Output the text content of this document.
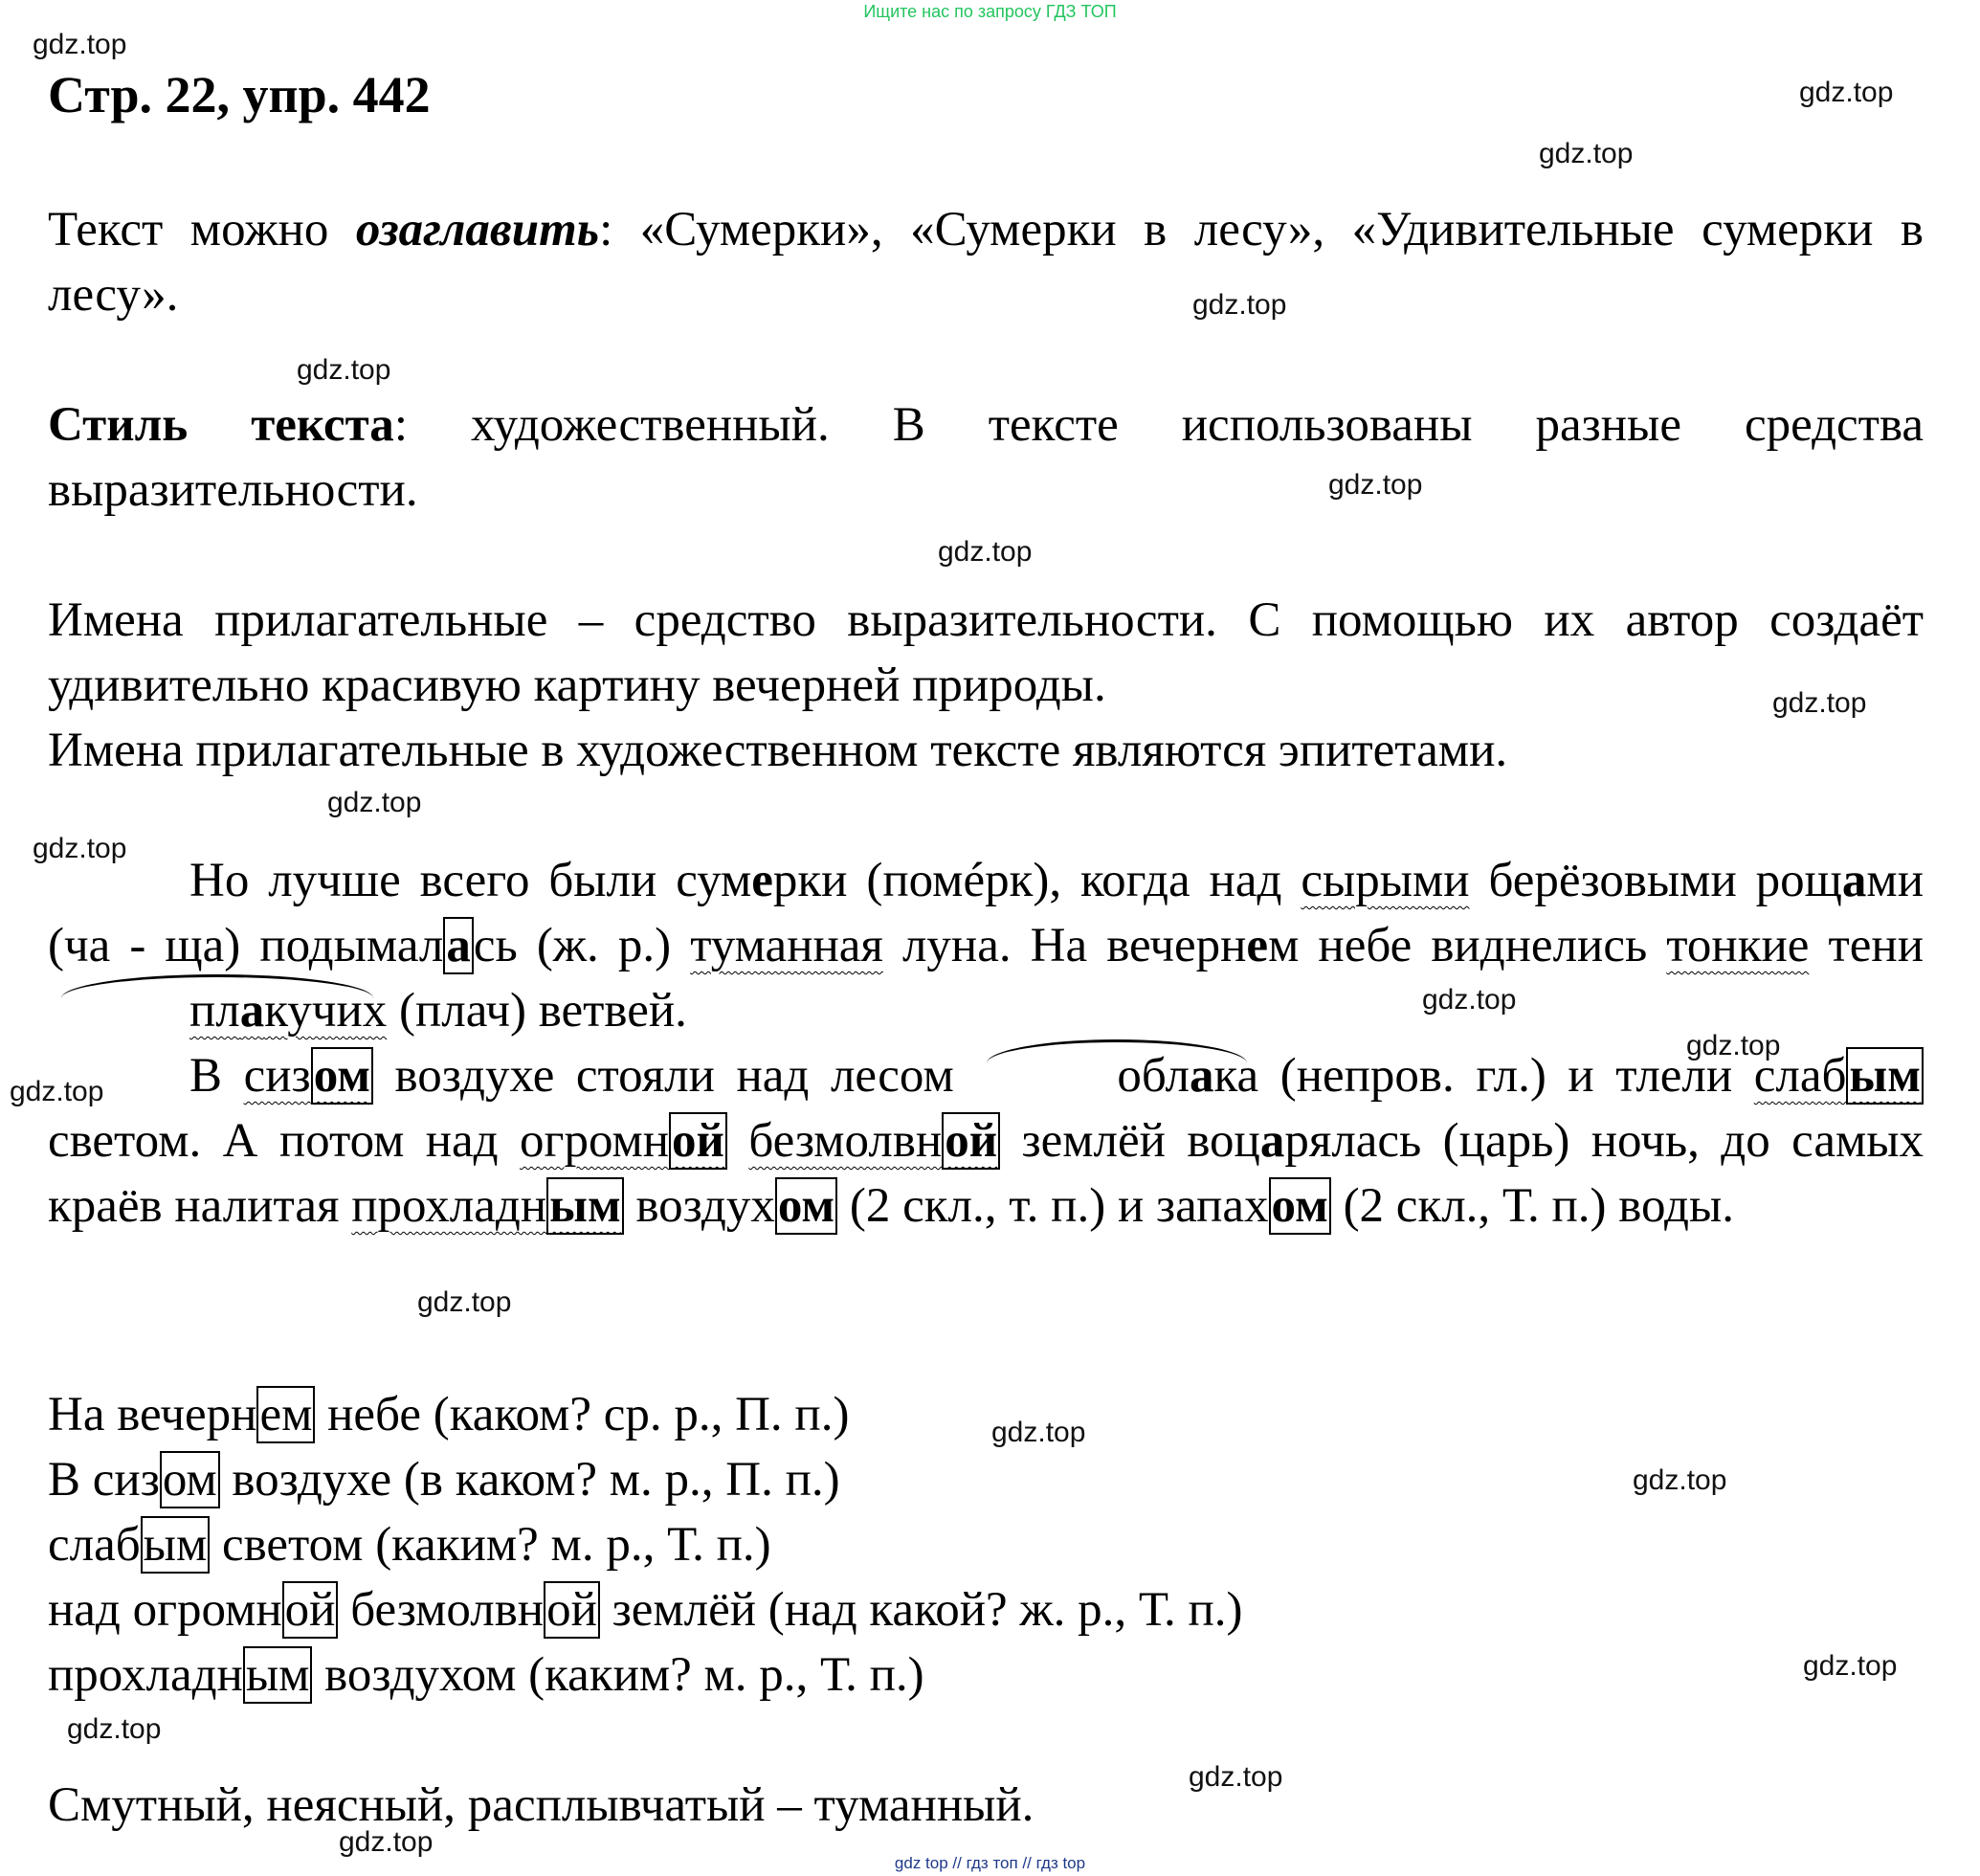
Ищите нас по запросу ГДЗ ТОП
gdz.top
gdz.top
gdz.top
gdz.top
gdz.top
gdz.top
gdz.top
gdz.top
gdz.top
gdz.top
gdz.top
gdz.top
gdz.top
gdz.top
gdz.top
gdz.top
gdz.top
gdz.top
gdz.top
gdz.top
Стр. 22, упр. 442
Текст можно озаглавить: «Сумерки», «Сумерки в лесу», «Удивительные сумерки в лесу».
Стиль текста: художественный. В тексте использованы разные средства выразительности.
Имена прилагательные – средство выразительности. С помощью их автор создаёт удивительно красивую картину вечерней природы.
Имена прилагательные в художественном тексте являются эпитетами.
Но лучше всего были сумерки (помéрк), когда над сырыми берёзовыми рощами (ча - ща) подымалась (ж. р.) туманная луна. На вечернем небе виднелись тонкие тени плакучих (плач) ветвей.
В сизом воздухе стояли над лесом	облака (непров. гл.) и тлели слабым светом. А потом над огромной безмолвной землёй воцарялась (царь) ночь, до самых краёв налитая прохладным воздухом (2 скл., т. п.) и запахом (2 скл., Т. п.) воды.
На вечернем небе (каком? ср. р., П. п.)
В сизом воздухе (в каком? м. р., П. п.)
слабым светом (каким? м. р., Т. п.)
над огромной безмолвной землёй (над какой? ж. р., Т. п.)
прохладным воздухом (каким? м. р., Т. п.)
Смутный, неясный, расплывчатый – туманный.
gdz top // гдз топ // гдз top
